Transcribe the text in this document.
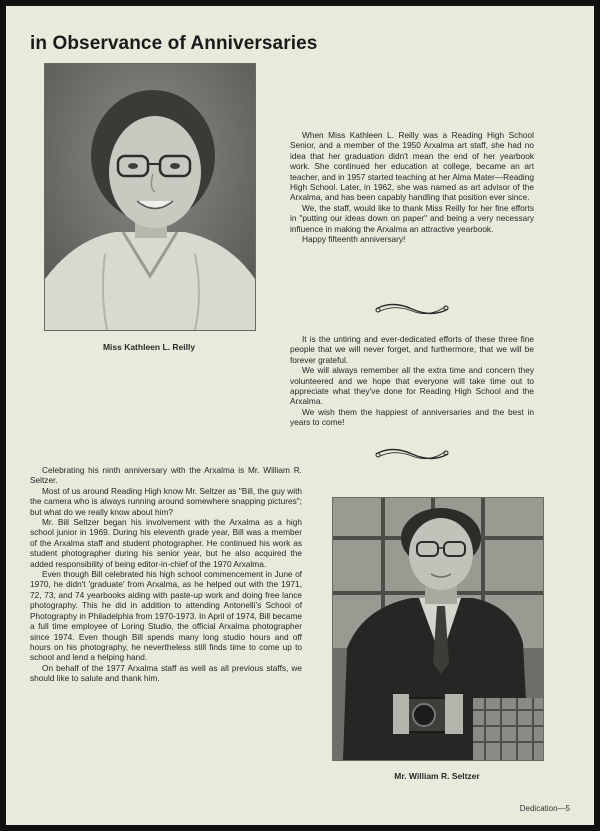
in Observance of Anniversaries

Miss Kathleen L. Reilly

When Miss Kathleen L. Reilly was a Reading High School Senior, and a member of the 1950 Arxalma art staff, she had no idea that her graduation didn't mean the end of her yearbook work. She continued her education at college, became an art teacher, and in 1957 started teaching at her Alma Mater—Reading High School. Later, in 1962, she was named as art advisor of the Arxalma, and has been capably handling that position ever since.

We, the staff, would like to thank Miss Reilly for her fine efforts in "putting our ideas down on paper" and being a very necessary influence in making the Arxalma an attractive yearbook.

Happy fifteenth anniversary!

It is the untiring and ever-dedicated efforts of these three fine people that we will never forget, and furthermore, that we will be forever grateful.

We will always remember all the extra time and concern they volunteered and we hope that everyone will take time out to appreciate what they've done for Reading High School and the Arxalma.

We wish them the happiest of anniversaries and the best in years to come!

Celebrating his ninth anniversary with the Arxalma is Mr. William R. Seltzer.

Most of us around Reading High know Mr. Seltzer as "Bill, the guy with the camera who is always running around somewhere snapping pictures"; but what do we really know about him?

Mr. Bill Seltzer began his involvement with the Arxalma as a high school junior in 1969. During his eleventh grade year, Bill was a member of the Arxalma staff and student photographer. He continued his work as student photographer during his senior year, but he also acquired the added responsibility of being editor-in-chief of the 1970 Arxalma.

Even though Bill celebrated his high school commencement in June of 1970, he didn't 'graduate' from Arxalma, as he helped out with the 1971, 72, 73, and 74 yearbooks aiding with paste-up work and doing free lance photography. This he did in addition to attending Antonelli's School of Photography in Philadelphia from 1970-1973. In April of 1974, Bill became a full time employee of Loring Studio, the official Arxalma photographer since 1974. Even though Bill spends many long studio hours and off hours on his photography, he nevertheless still finds time to come up to school and lend a helping hand.

On behalf of the 1977 Arxalma staff as well as all previous staffs, we should like to salute and thank him.

Mr. William R. Seltzer

Dedication—5
